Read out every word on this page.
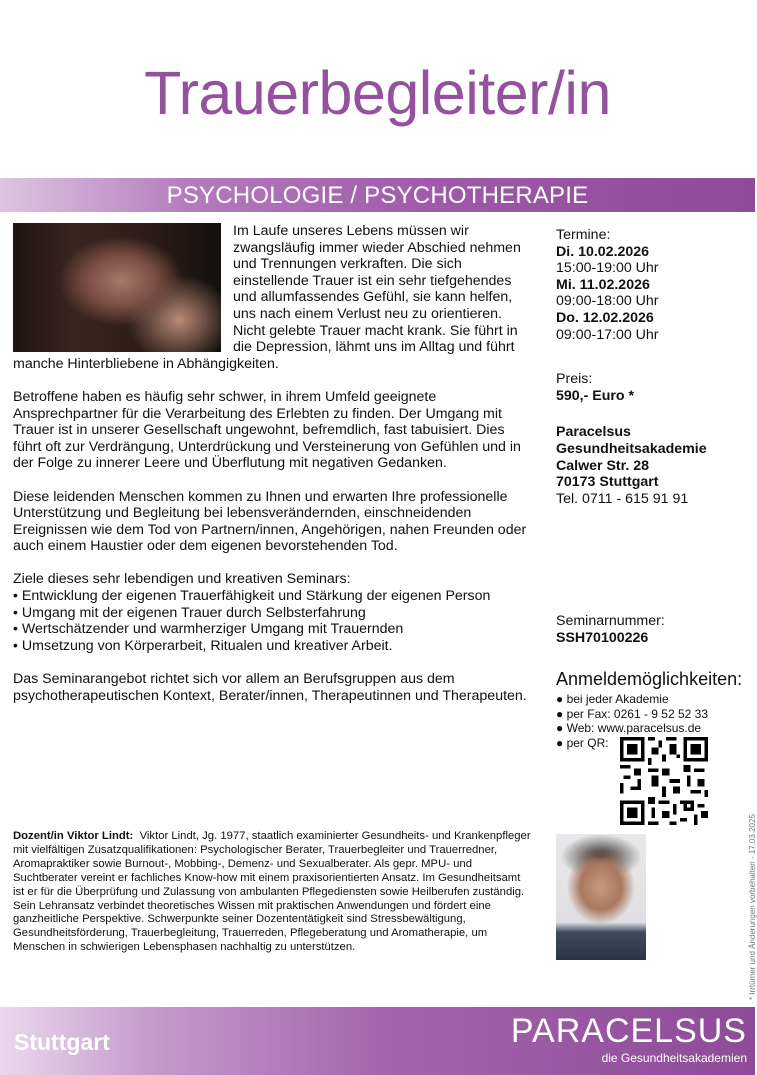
Trauerbegleiter/in
PSYCHOLOGIE / PSYCHOTHERAPIE

Im Laufe unseres Lebens müssen wir zwangsläufig immer wieder Abschied nehmen und Trennungen verkraften. Die sich einstellende Trauer ist ein sehr tiefgehendes und allumfassendes Gefühl, sie kann helfen, uns nach einem Verlust neu zu orientieren. Nicht gelebte Trauer macht krank. Sie führt in die Depression, lähmt uns im Alltag und führt manche Hinterbliebene in Abhängigkeiten.

Betroffene haben es häufig sehr schwer, in ihrem Umfeld geeignete Ansprechpartner für die Verarbeitung des Erlebten zu finden. Der Umgang mit Trauer ist in unserer Gesellschaft ungewohnt, befremdlich, fast tabuisiert. Dies führt oft zur Verdrängung, Unterdrückung und Versteinerung von Gefühlen und in der Folge zu innerer Leere und Überflutung mit negativen Gedanken.

Diese leidenden Menschen kommen zu Ihnen und erwarten Ihre professionelle Unterstützung und Begleitung bei lebensverändernden, einschneidenden Ereignissen wie dem Tod von Partnern/innen, Angehörigen, nahen Freunden oder auch einem Haustier oder dem eigenen bevorstehenden Tod.

Ziele dieses sehr lebendigen und kreativen Seminars:
• Entwicklung der eigenen Trauerfähigkeit und Stärkung der eigenen Person
• Umgang mit der eigenen Trauer durch Selbsterfahrung
• Wertschätzender und warmherziger Umgang mit Trauernden
• Umsetzung von Körperarbeit, Ritualen und kreativer Arbeit.

Das Seminarangebot richtet sich vor allem an Berufsgruppen aus dem psychotherapeutischen Kontext, Berater/innen, Therapeutinnen und Therapeuten.

Termine:
Di. 10.02.2026
15:00-19:00 Uhr
Mi. 11.02.2026
09:00-18:00 Uhr
Do. 12.02.2026
09:00-17:00 Uhr
Preis:
590,- Euro *
Paracelsus
Gesundheitsakademie
Calwer Str. 28
70173 Stuttgart
Tel. 0711 - 615 91 91
Seminarnummer:
SSH70100226
Anmeldemöglichkeiten:
● bei jeder Akademie
● per Fax: 0261 - 9 52 52 33
● Web: www.paracelsus.de
● per QR:
Dozent/in Viktor Lindt: Viktor Lindt, Jg. 1977, staatlich examinierter Gesundheits- und Krankenpfleger mit vielfältigen Zusatzqualifikationen: Psychologischer Berater, Trauerbegleiter und Trauerredner, Aromapraktiker sowie Burnout-, Mobbing-, Demenz- und Sexualberater. Als gepr. MPU- und Suchtberater vereint er fachliches Know-how mit einem praxisorientierten Ansatz. Im Gesundheitsamt ist er für die Überprüfung und Zulassung von ambulanten Pflegediensten sowie Heilberufen zuständig. Sein Lehransatz verbindet theoretisches Wissen mit praktischen Anwendungen und fördert eine ganzheitliche Perspektive. Schwerpunkte seiner Dozententätigkeit sind Stressbewältigung, Gesundheitsförderung, Trauerbegleitung, Trauerreden, Pflegeberatung und Aromatherapie, um Menschen in schwierigen Lebensphasen nachhaltig zu unterstützen.	* Irrtümer und Änderungen vorbehalten - 17.03.2025
Stuttgart	PARACELSUS
die Gesundheitsakademien
